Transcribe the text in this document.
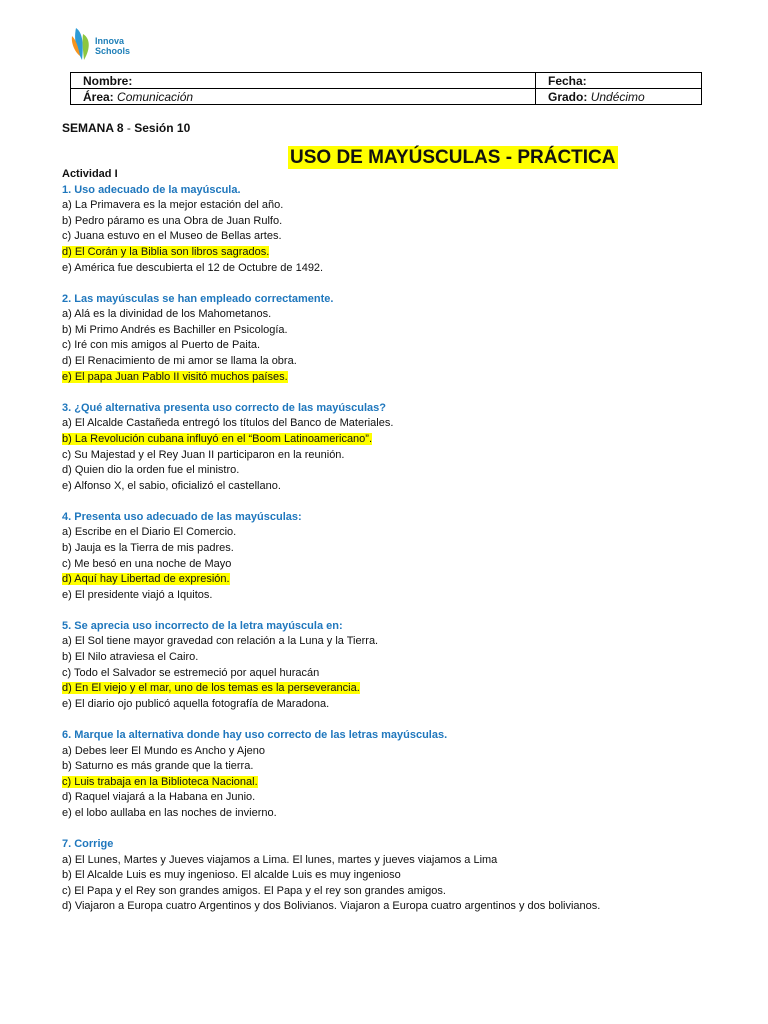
Innova
Schools
Nombre:	Fecha:
Área: Comunicación	Grado: Undécimo
SEMANA 8 - Sesión 10
USO DE MAYÚSCULAS - PRÁCTICA
Actividad I
1. Uso adecuado de la mayúscula.
a) La Primavera es la mejor estación del año.
b) Pedro páramo es una Obra de Juan Rulfo.
c) Juana estuvo en el Museo de Bellas artes.
d) El Corán y la Biblia son libros sagrados.
e) América fue descubierta el 12 de Octubre de 1492.
2. Las mayúsculas se han empleado correctamente.
a) Alá es la divinidad de los Mahometanos.
b) Mi Primo Andrés es Bachiller en Psicología.
c) Iré con mis amigos al Puerto de Paita.
d) El Renacimiento de mi amor se llama la obra.
e) El papa Juan Pablo II visitó muchos países.
3. ¿Qué alternativa presenta uso correcto de las mayúsculas?
a) El Alcalde Castañeda entregó los títulos del Banco de Materiales.
b) La Revolución cubana influyó en el “Boom Latinoamericano”.
c) Su Majestad y el Rey Juan II participaron en la reunión.
d) Quien dio la orden fue el ministro.
e) Alfonso X, el sabio, oficializó el castellano.
4. Presenta uso adecuado de las mayúsculas:
a) Escribe en el Diario El Comercio.
b) Jauja es la Tierra de mis padres.
c) Me besó en una noche de Mayo
d) Aquí hay Libertad de expresión.
e) El presidente viajó a Iquitos.
5. Se aprecia uso incorrecto de la letra mayúscula en:
a) El Sol tiene mayor gravedad con relación a la Luna y la Tierra.
b) El Nilo atraviesa el Cairo.
c) Todo el Salvador se estremeció por aquel huracán
d) En El viejo y el mar, uno de los temas es la perseverancia.
e) El diario ojo publicó aquella fotografía de Maradona.
6. Marque la alternativa donde hay uso correcto de las letras mayúsculas.
a) Debes leer El Mundo es Ancho y Ajeno
b) Saturno es más grande que la tierra.
c) Luis trabaja en la Biblioteca Nacional.
d) Raquel viajará a la Habana en Junio.
e) el lobo aullaba en las noches de invierno.
7. Corrige
a) El Lunes, Martes y Jueves viajamos a Lima. El lunes, martes y jueves viajamos a Lima
b) El Alcalde Luis es muy ingenioso. El alcalde Luis es muy ingenioso
c) El Papa y el Rey son grandes amigos. El Papa y el rey son grandes amigos.
d) Viajaron a Europa cuatro Argentinos y dos Bolivianos. Viajaron a Europa cuatro argentinos y dos bolivianos.
